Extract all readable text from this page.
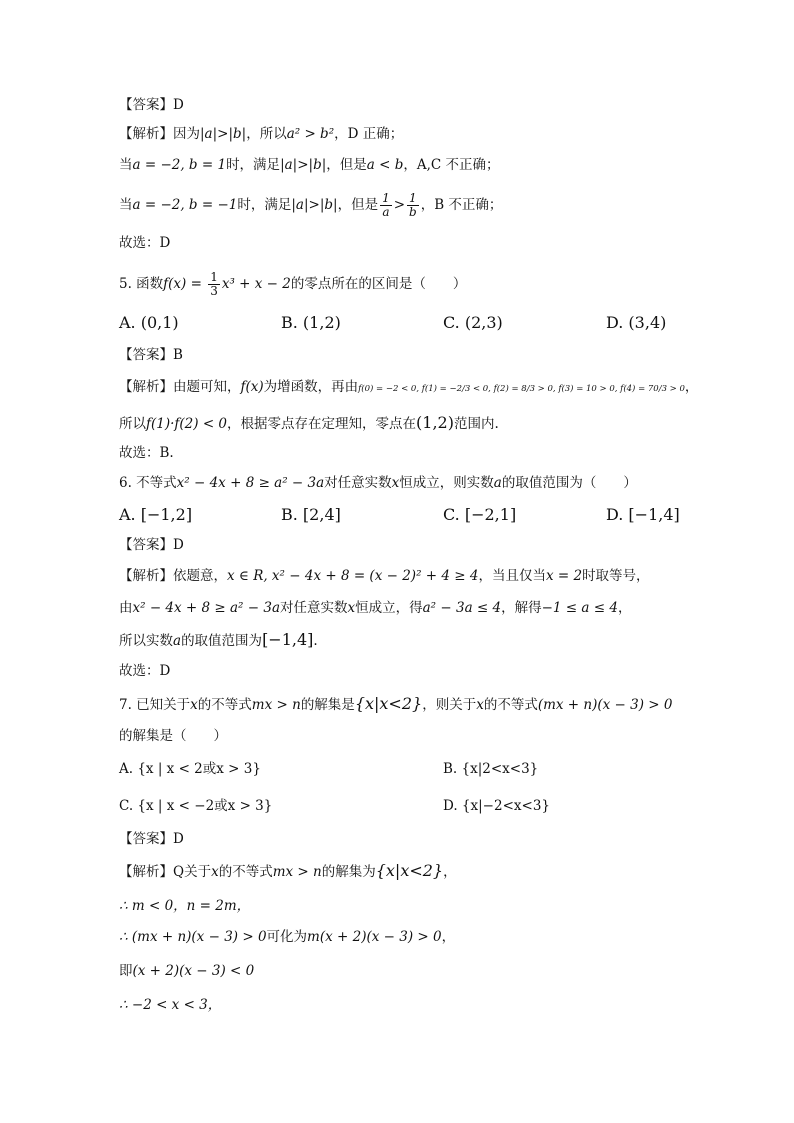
【答案】D
【解析】因为|a|>|b|，所以a² > b²，D 正确；
当a = −2, b = 1时，满足|a|>|b|，但是a < b，A,C 不正确；
当a = −2, b = −1时，满足|a|>|b|，但是 $\frac{1}{a} > \frac{1}{b}$ ，B 不正确；
故选：D
5. 函数$f(x) = \frac{1}{3} x^3 + x - 2$的零点所在的区间是（　　）
A. (0,1)	B. (1,2)	C. (2,3)	D. (3,4)
【答案】B
【解析】由题可知，f(x)为增函数，再由f(0) = −2 < 0, f(1) = −2/3 < 0, f(2) = 8/3 > 0, f(3) = 10 > 0, f(4) = 70/3 > 0，
所以f(1)·f(2) < 0，根据零点存在定理知，零点在(1,2)范围内.
故选：B.
6. 不等式x² − 4x + 8 ≥ a² − 3a对任意实数x恒成立，则实数a的取值范围为（　　）
A. [−1,2]	B. [2,4]	C. [−2,1]	D. [−1,4]
【答案】D
【解析】依题意，x ∈ R, x² − 4x + 8 = (x − 2)² + 4 ≥ 4，当且仅当x = 2时取等号，
由x² − 4x + 8 ≥ a² − 3a对任意实数x恒成立，得a² − 3a ≤ 4，解得−1 ≤ a ≤ 4，
所以实数a的取值范围为[−1,4].
故选：D
7. 已知关于x的不等式mx > n的解集是{x|x<2}，则关于x的不等式(mx + n)(x − 3) > 0
的解集是（　　）
A. {x | x < 2或x > 3}	B. {x|2<x<3}
C. {x | x < −2或x > 3}	D. {x|−2<x<3}
【答案】D
【解析】Q关于x的不等式mx > n的解集为{x|x<2}，
∴ m < 0，n = 2m，
∴ (mx + n)(x − 3) > 0可化为m(x + 2)(x − 3) > 0，
即(x + 2)(x − 3) < 0
∴ −2 < x < 3，
